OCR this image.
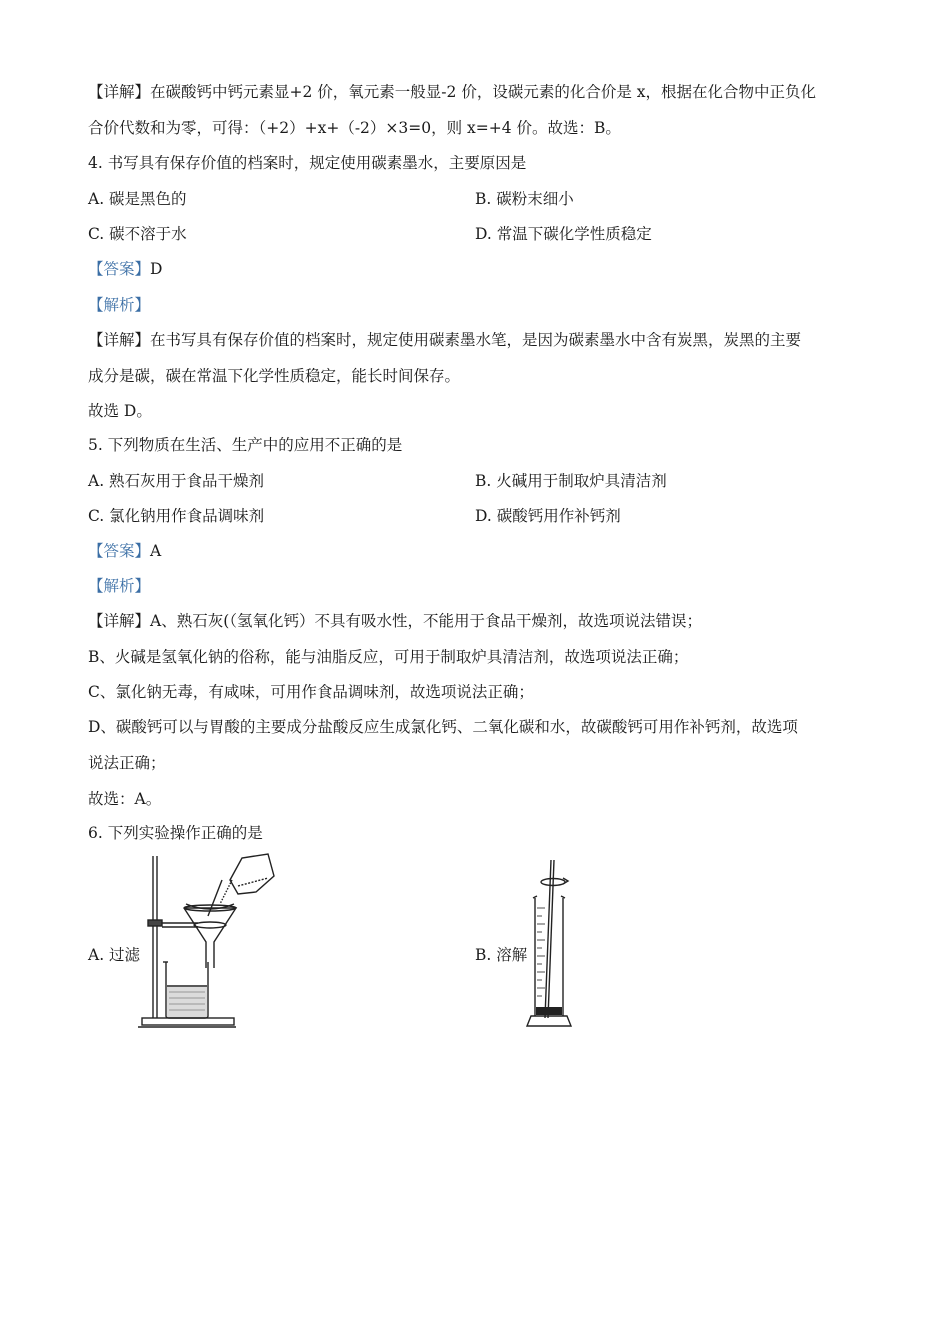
【详解】在碳酸钙中钙元素显+2 价，氧元素一般显-2 价，设碳元素的化合价是 x，根据在化合物中正负化
合价代数和为零，可得：（+2）+x+（-2）×3=0，则 x=+4 价。故选：B。
4. 书写具有保存价值的档案时，规定使用碳素墨水，主要原因是
A. 碳是黑色的	B. 碳粉末细小
C. 碳不溶于水	D. 常温下碳化学性质稳定
【答案】D
【解析】
【详解】在书写具有保存价值的档案时，规定使用碳素墨水笔，是因为碳素墨水中含有炭黑，炭黑的主要
成分是碳，碳在常温下化学性质稳定，能长时间保存。
故选 D。
5. 下列物质在生活、生产中的应用不正确的是
A. 熟石灰用于食品干燥剂	B. 火碱用于制取炉具清洁剂
C. 氯化钠用作食品调味剂	D. 碳酸钙用作补钙剂
【答案】A
【解析】
【详解】A、熟石灰(（氢氧化钙）不具有吸水性，不能用于食品干燥剂，故选项说法错误；
B、火碱是氢氧化钠的俗称，能与油脂反应，可用于制取炉具清洁剂，故选项说法正确；
C、氯化钠无毒，有咸味，可用作食品调味剂，故选项说法正确；
D、碳酸钙可以与胃酸的主要成分盐酸反应生成氯化钙、二氧化碳和水，故碳酸钙可用作补钙剂，故选项
说法正确；
故选：A。
6. 下列实验操作正确的是
A. 过滤	B. 溶解
